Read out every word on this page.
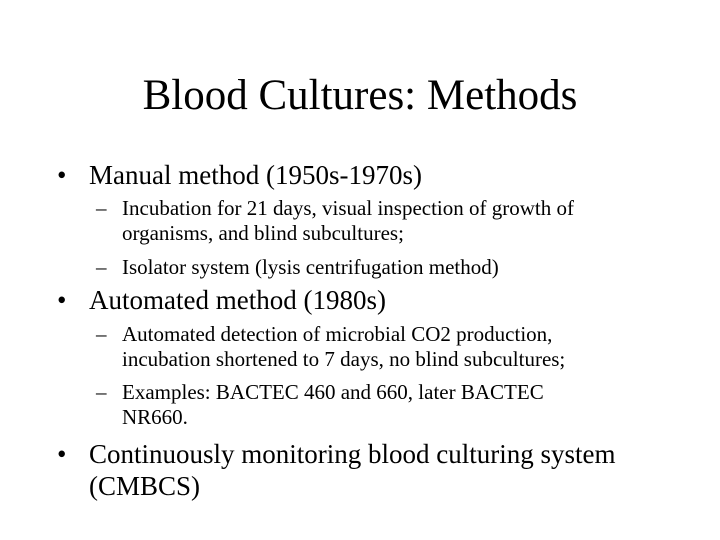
Blood Cultures: Methods
• Manual method (1950s-1970s)
– Incubation for 21 days, visual inspection of growth of
organisms, and blind subcultures;
– Isolator system (lysis centrifugation method)
• Automated method (1980s)
– Automated detection of microbial CO2 production,
incubation shortened to 7 days, no blind subcultures;
– Examples: BACTEC 460 and 660, later BACTEC
NR660.
• Continuously monitoring blood culturing system
(CMBCS)
